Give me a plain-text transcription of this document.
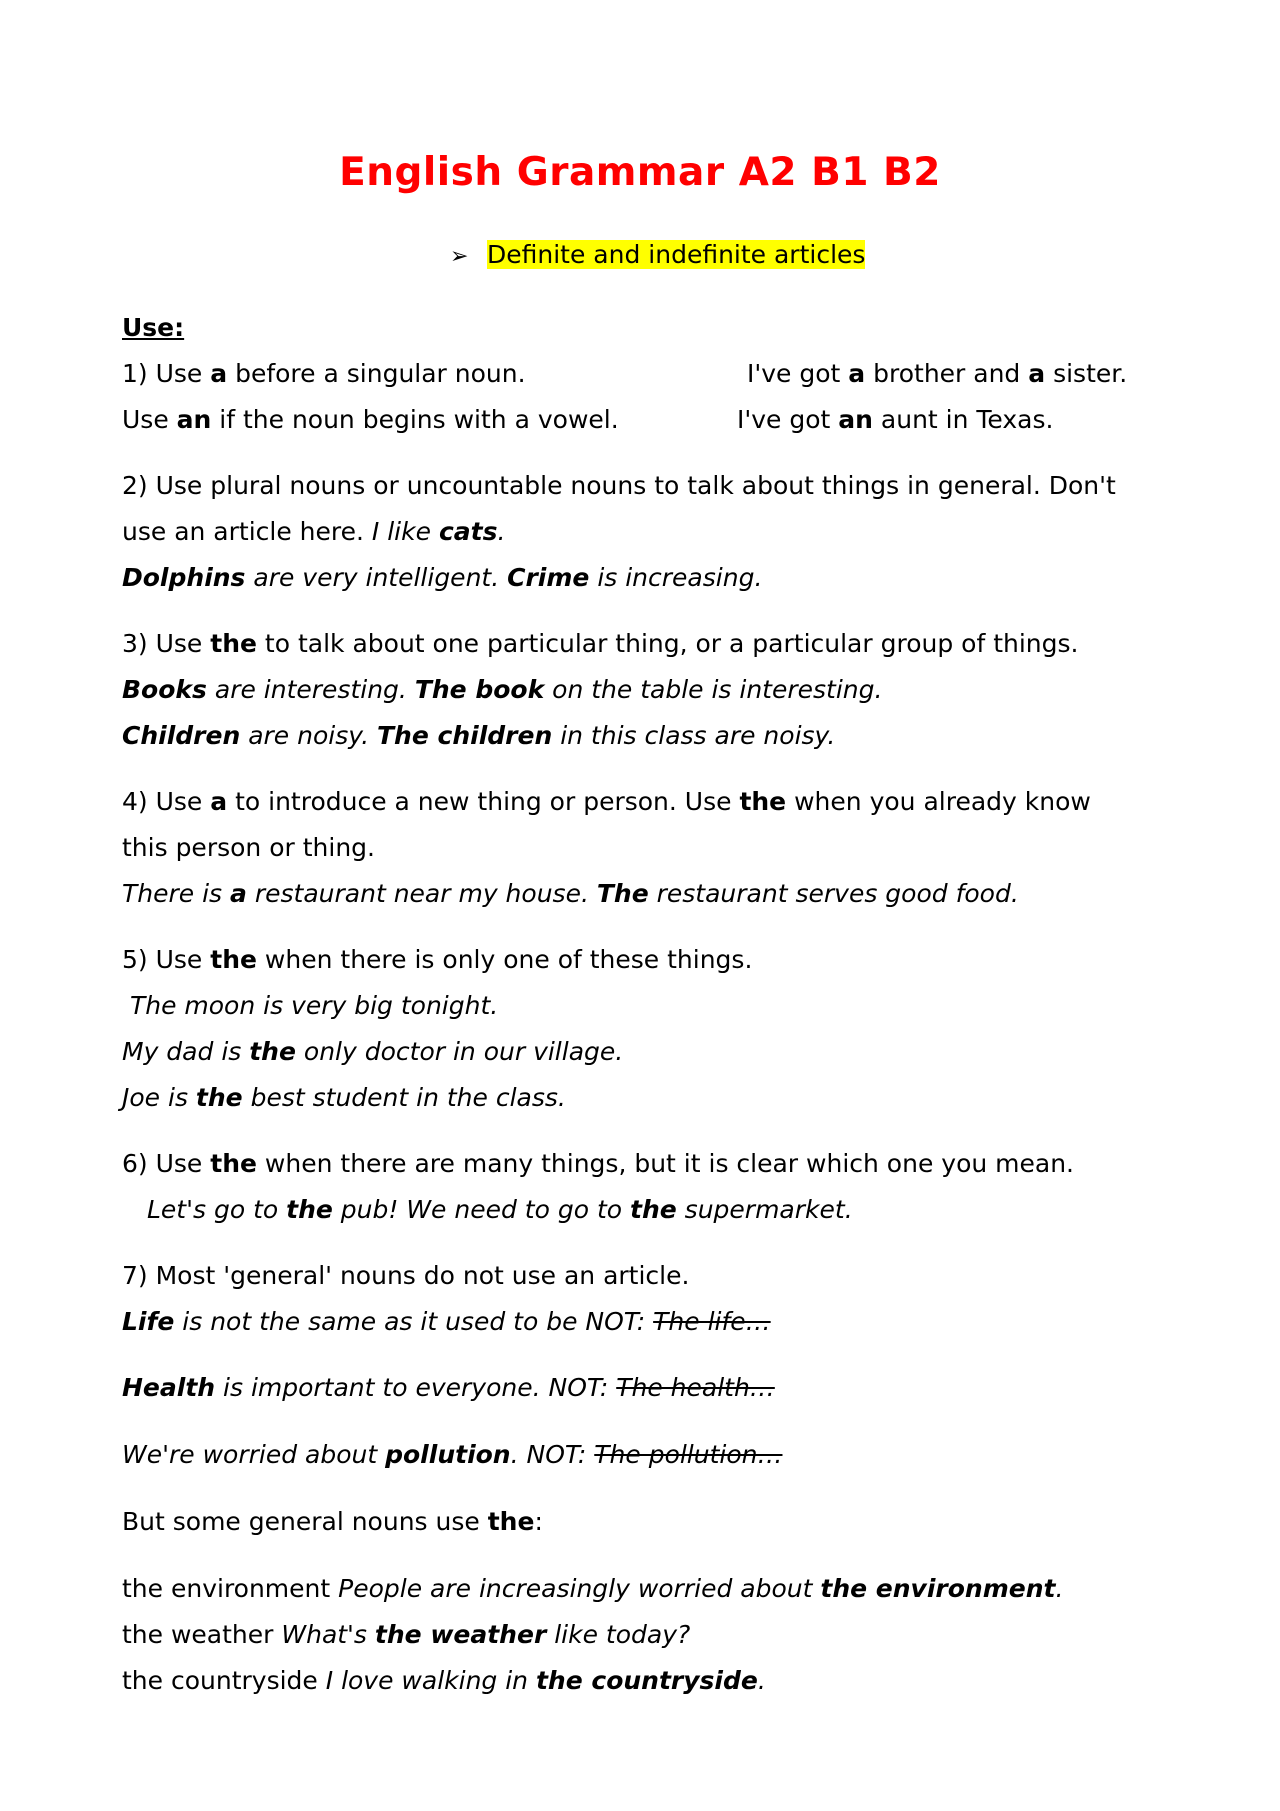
English Grammar A2 B1 B2
➢ Definite and indefinite articles
Use:
1) Use a before a singular noun.	I've got a brother and a sister.
Use an if the noun begins with a vowel.	I've got an aunt in Texas.
2) Use plural nouns or uncountable nouns to talk about things in general. Don't
use an article here. I like cats.
Dolphins are very intelligent. Crime is increasing.
3) Use the to talk about one particular thing, or a particular group of things.
Books are interesting. The book on the table is interesting.
Children are noisy. The children in this class are noisy.
4) Use a to introduce a new thing or person. Use the when you already know
this person or thing.
There is a restaurant near my house. The restaurant serves good food.
5) Use the when there is only one of these things.
The moon is very big tonight.
My dad is the only doctor in our village.
Joe is the best student in the class.
6) Use the when there are many things, but it is clear which one you mean.
Let's go to the pub! We need to go to the supermarket.
7) Most 'general' nouns do not use an article.
Life is not the same as it used to be NOT: The life…
Health is important to everyone. NOT: The health…
We're worried about pollution. NOT: The pollution…
But some general nouns use the:
the environment People are increasingly worried about the environment.
the weather What's the weather like today?
the countryside I love walking in the countryside.
